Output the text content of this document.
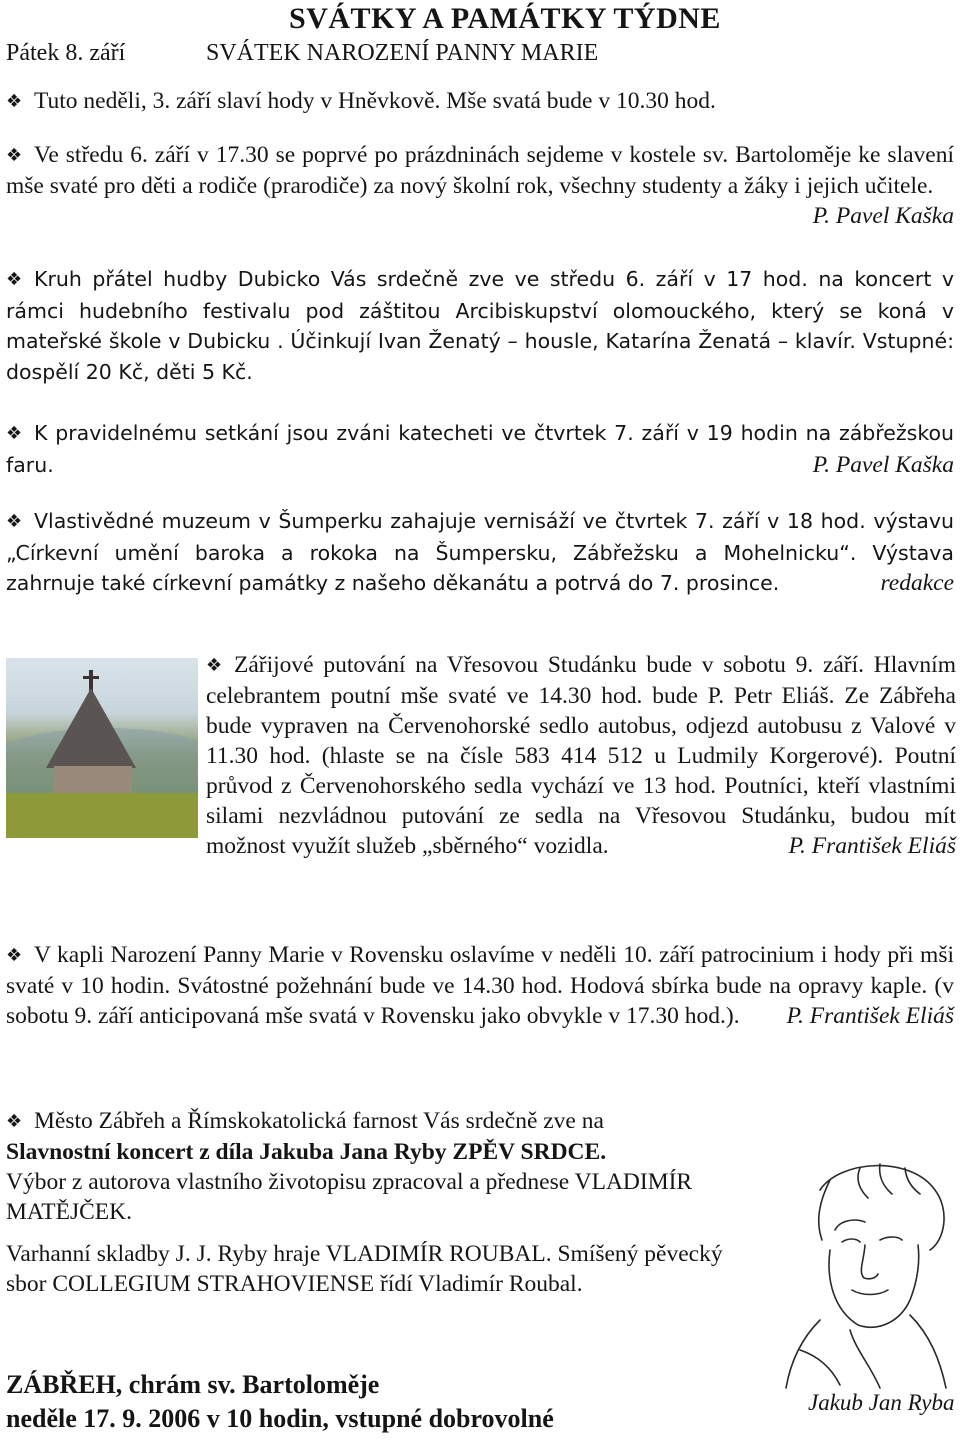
SVÁTKY A PAMÁTKY TÝDNE
Pátek 8. září	SVÁTEK NAROZENÍ PANNY MARIE
❖ Tuto neděli, 3. září slaví hody v Hněvkově. Mše svatá bude v 10.30 hod.
❖ Ve středu 6. září v 17.30 se poprvé po prázdninách sejdeme v kostele sv. Bartoloměje ke slavení mše svaté pro děti a rodiče (prarodiče) za nový školní rok, všechny studenty a žáky i jejich učitele.
P. Pavel Kaška
❖ Kruh přátel hudby Dubicko Vás srdečně zve ve středu 6. září v 17 hod. na koncert v rámci hudebního festivalu pod záštitou Arcibiskupství olomouckého, který se koná v mateřské škole v Dubicku . Účinkují Ivan Ženatý – housle, Katarína Ženatá – klavír. Vstupné: dospělí 20 Kč, děti 5 Kč.
❖ K pravidelnému setkání jsou zváni katecheti ve čtvrtek 7. září v 19 hodin na zábřežskou faru.	P. Pavel Kaška
❖ Vlastivědné muzeum v Šumperku zahajuje vernisáží ve čtvrtek 7. září v 18 hod. výstavu „Církevní umění baroka a rokoka na Šumpersku, Zábřežsku a Mohelnicku“. Výstava zahrnuje také církevní památky z našeho děkanátu a potrvá do 7. prosince.	redakce
❖ Zářijové putování na Vřesovou Studánku bude v sobotu 9. září. Hlavním celebrantem poutní mše svaté ve 14.30 hod. bude P. Petr Eliáš. Ze Zábřeha bude vypraven na Červenohorské sedlo autobus, odjezd autobusu z Valové v 11.30 hod. (hlaste se na čísle 583 414 512 u Ludmily Korgerové). Poutní průvod z Červenohorského sedla vychází ve 13 hod. Poutníci, kteří vlastními silami nezvládnou putování ze sedla na Vřesovou Studánku, budou mít možnost využít služeb „sběrného“ vozidla.	P. František Eliáš
❖ V kapli Narození Panny Marie v Rovensku oslavíme v neděli 10. září patrocinium i hody při mši svaté v 10 hodin. Svátostné požehnání bude ve 14.30 hod. Hodová sbírka bude na opravy kaple. (v sobotu 9. září anticipovaná mše svatá v Rovensku jako obvykle v 17.30 hod.). P. František Eliáš
❖ Město Zábřeh a Římskokatolická farnost Vás srdečně zve na
Slavnostní koncert z díla Jakuba Jana Ryby ZPĚV SRDCE.
Výbor z autorova vlastního životopisu zpracoval a přednese VLADIMÍR MATĚJČEK.
Varhanní skladby J. J. Ryby hraje VLADIMÍR ROUBAL. Smíšený pěvecký sbor COLLEGIUM STRAHOVIENSE řídí Vladimír Roubal.
ZÁBŘEH, chrám sv. Bartoloměje
neděle 17. 9. 2006 v 10 hodin, vstupné dobrovolné
Jakub Jan Ryba
